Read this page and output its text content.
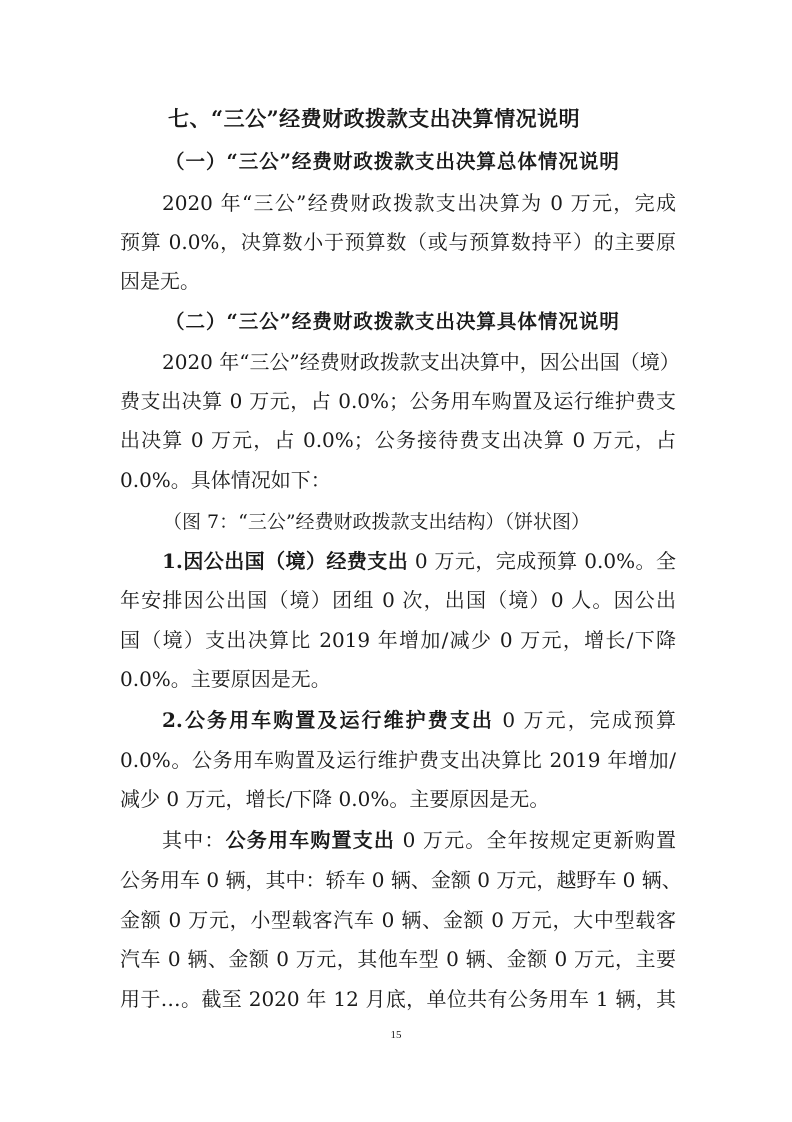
七、“三公”经费财政拨款支出决算情况说明
（一）“三公”经费财政拨款支出决算总体情况说明
2020 年“三公”经费财政拨款支出决算为 0 万元，完成
预算 0.0%，决算数小于预算数（或与预算数持平）的主要原
因是无。
（二）“三公”经费财政拨款支出决算具体情况说明
2020 年“三公”经费财政拨款支出决算中，因公出国（境）
费支出决算 0 万元，占 0.0%；公务用车购置及运行维护费支
出决算 0 万元，占 0.0%；公务接待费支出决算 0 万元，占
0.0%。具体情况如下：
（图 7：“三公”经费财政拨款支出结构）（饼状图）
1.因公出国（境）经费支出 0 万元，完成预算 0.0%。全
年安排因公出国（境）团组 0 次，出国（境）0 人。因公出
国（境）支出决算比 2019 年增加/减少 0 万元，增长/下降
0.0%。主要原因是无。
2.公务用车购置及运行维护费支出 0 万元，完成预算
0.0%。公务用车购置及运行维护费支出决算比 2019 年增加/
减少 0 万元，增长/下降 0.0%。主要原因是无。
其中：公务用车购置支出 0 万元。全年按规定更新购置
公务用车 0 辆，其中：轿车 0 辆、金额 0 万元，越野车 0 辆、
金额 0 万元，小型载客汽车 0 辆、金额 0 万元，大中型载客
汽车 0 辆、金额 0 万元，其他车型 0 辆、金额 0 万元，主要
用于…。截至 2020 年 12 月底，单位共有公务用车 1 辆，其
15
